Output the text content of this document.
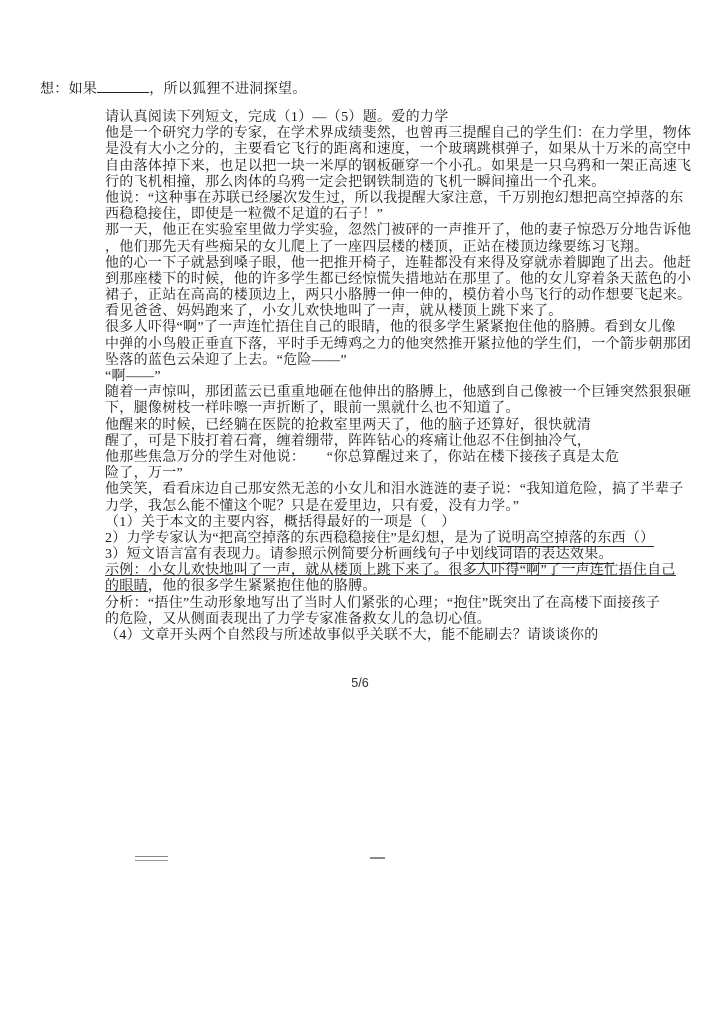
想：如果	，所以狐狸不进洞探望。
请认真阅读下列短文，完成（1）—（5）题。爱的力学
他是一个研究力学的专家，在学术界成绩斐然，也曾再三提醒自己的学生们：在力学里，物体
是没有大小之分的，主要看它飞行的距离和速度，一个玻璃跳棋弹子，如果从十万米的高空中
自由落体掉下来，也足以把一块一米厚的钢板砸穿一个小孔。如果是一只乌鸦和一架正高速飞
行的飞机相撞，那么肉体的乌鸦一定会把钢铁制造的飞机一瞬间撞出一个孔来。
他说：“这种事在苏联已经屡次发生过，所以我提醒大家注意，千万别抱幻想把高空掉落的东
西稳稳接住，即使是一粒微不足道的石子！”
那一天，他正在实验室里做力学实验，忽然门被砰的一声推开了，他的妻子惊恐万分地告诉他
，他们那先天有些痴呆的女儿爬上了一座四层楼的楼顶，正站在楼顶边缘要练习飞翔。
他的心一下子就悬到嗓子眼，他一把推开椅子，连鞋都没有来得及穿就赤着脚跑了出去。他赶
到那座楼下的时候，他的许多学生都已经惊慌失措地站在那里了。他的女儿穿着条天蓝色的小
裙子，正站在高高的楼顶边上，两只小胳膊一伸一伸的，模仿着小鸟飞行的动作想要飞起来。
看见爸爸、妈妈跑来了，小女儿欢快地叫了一声，就从楼顶上跳下来了。
很多人吓得“啊”了一声连忙捂住自己的眼睛，他的很多学生紧紧抱住他的胳膊。看到女儿像
中弹的小鸟般正垂直下落，平时手无缚鸡之力的他突然推开紧拉他的学生们，一个箭步朝那团
坠落的蓝色云朵迎了上去。“危险——”
“啊——”
随着一声惊叫，那团蓝云已重重地砸在他伸出的胳膊上，他感到自己像被一个巨锤突然狠狠砸
下，腿像树枝一样咔嚓一声折断了，眼前一黑就什么也不知道了。
他醒来的时候，已经躺在医院的抢救室里两天了，他的脑子还算好，很快就清
醒了，可是下肢打着石膏，缠着绷带，阵阵钻心的疼痛让他忍不住倒抽冷气，
他那些焦急万分的学生对他说：　　“你总算醒过来了，你站在楼下接孩子真是太危
险了，万一”
他笑笑，看看床边自己那安然无恙的小女儿和泪水涟涟的妻子说：“我知道危险，搞了半辈子
力学，我怎么能不懂这个呢？只是在爱里边，只有爱，没有力学。”
（1）关于本文的主要内容，概括得最好的一项是（　）
2）力学专家认为“把高空掉落的东西稳稳接住”是幻想，是为了说明高空掉落的东西（）
3）短文语言富有表现力。请参照示例简要分析画线句子中划线词语的表达效果。
示例：小女儿欢快地叫了一声，就从楼顶上跳下来了。很多人吓得“啊”了一声连忙捂住自己
的眼睛，他的很多学生紧紧抱住他的胳膊。
分析：“捂住”生动形象地写出了当时人们紧张的心理；“抱住”既突出了在高楼下面接孩子
的危险，又从侧面表现出了力学专家准备救女儿的急切心值。
（4）文章开头两个自然段与所述故事似乎关联不大，能不能刷去？请谈谈你的
5/6
